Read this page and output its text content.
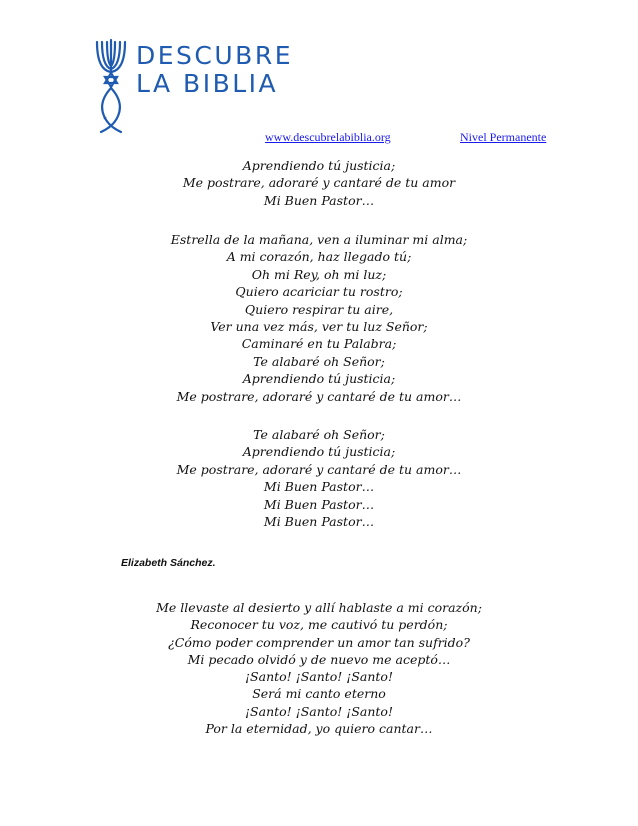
DESCUBRE
LA BIBLIA
www.descubrelabiblia.org	Nivel Permanente
Aprendiendo tú justicia;
Me postrare, adoraré y cantaré de tu amor
Mi Buen Pastor…
Estrella de la mañana, ven a iluminar mi alma;
A mi corazón, haz llegado tú;
Oh mi Rey, oh mi luz;
Quiero acariciar tu rostro;
Quiero respirar tu aire,
Ver una vez más, ver tu luz Señor;
Caminaré en tu Palabra;
Te alabaré oh Señor;
Aprendiendo tú justicia;
Me postrare, adoraré y cantaré de tu amor…
Te alabaré oh Señor;
Aprendiendo tú justicia;
Me postrare, adoraré y cantaré de tu amor…
Mi Buen Pastor…
Mi Buen Pastor…
Mi Buen Pastor…
Elizabeth Sánchez.
Me llevaste al desierto y allí hablaste a mi corazón;
Reconocer tu voz, me cautivó tu perdón;
¿Cómo poder comprender un amor tan sufrido?
Mi pecado olvidó y de nuevo me aceptó…
¡Santo! ¡Santo! ¡Santo!
Será mi canto eterno
¡Santo! ¡Santo! ¡Santo!
Por la eternidad, yo quiero cantar…
